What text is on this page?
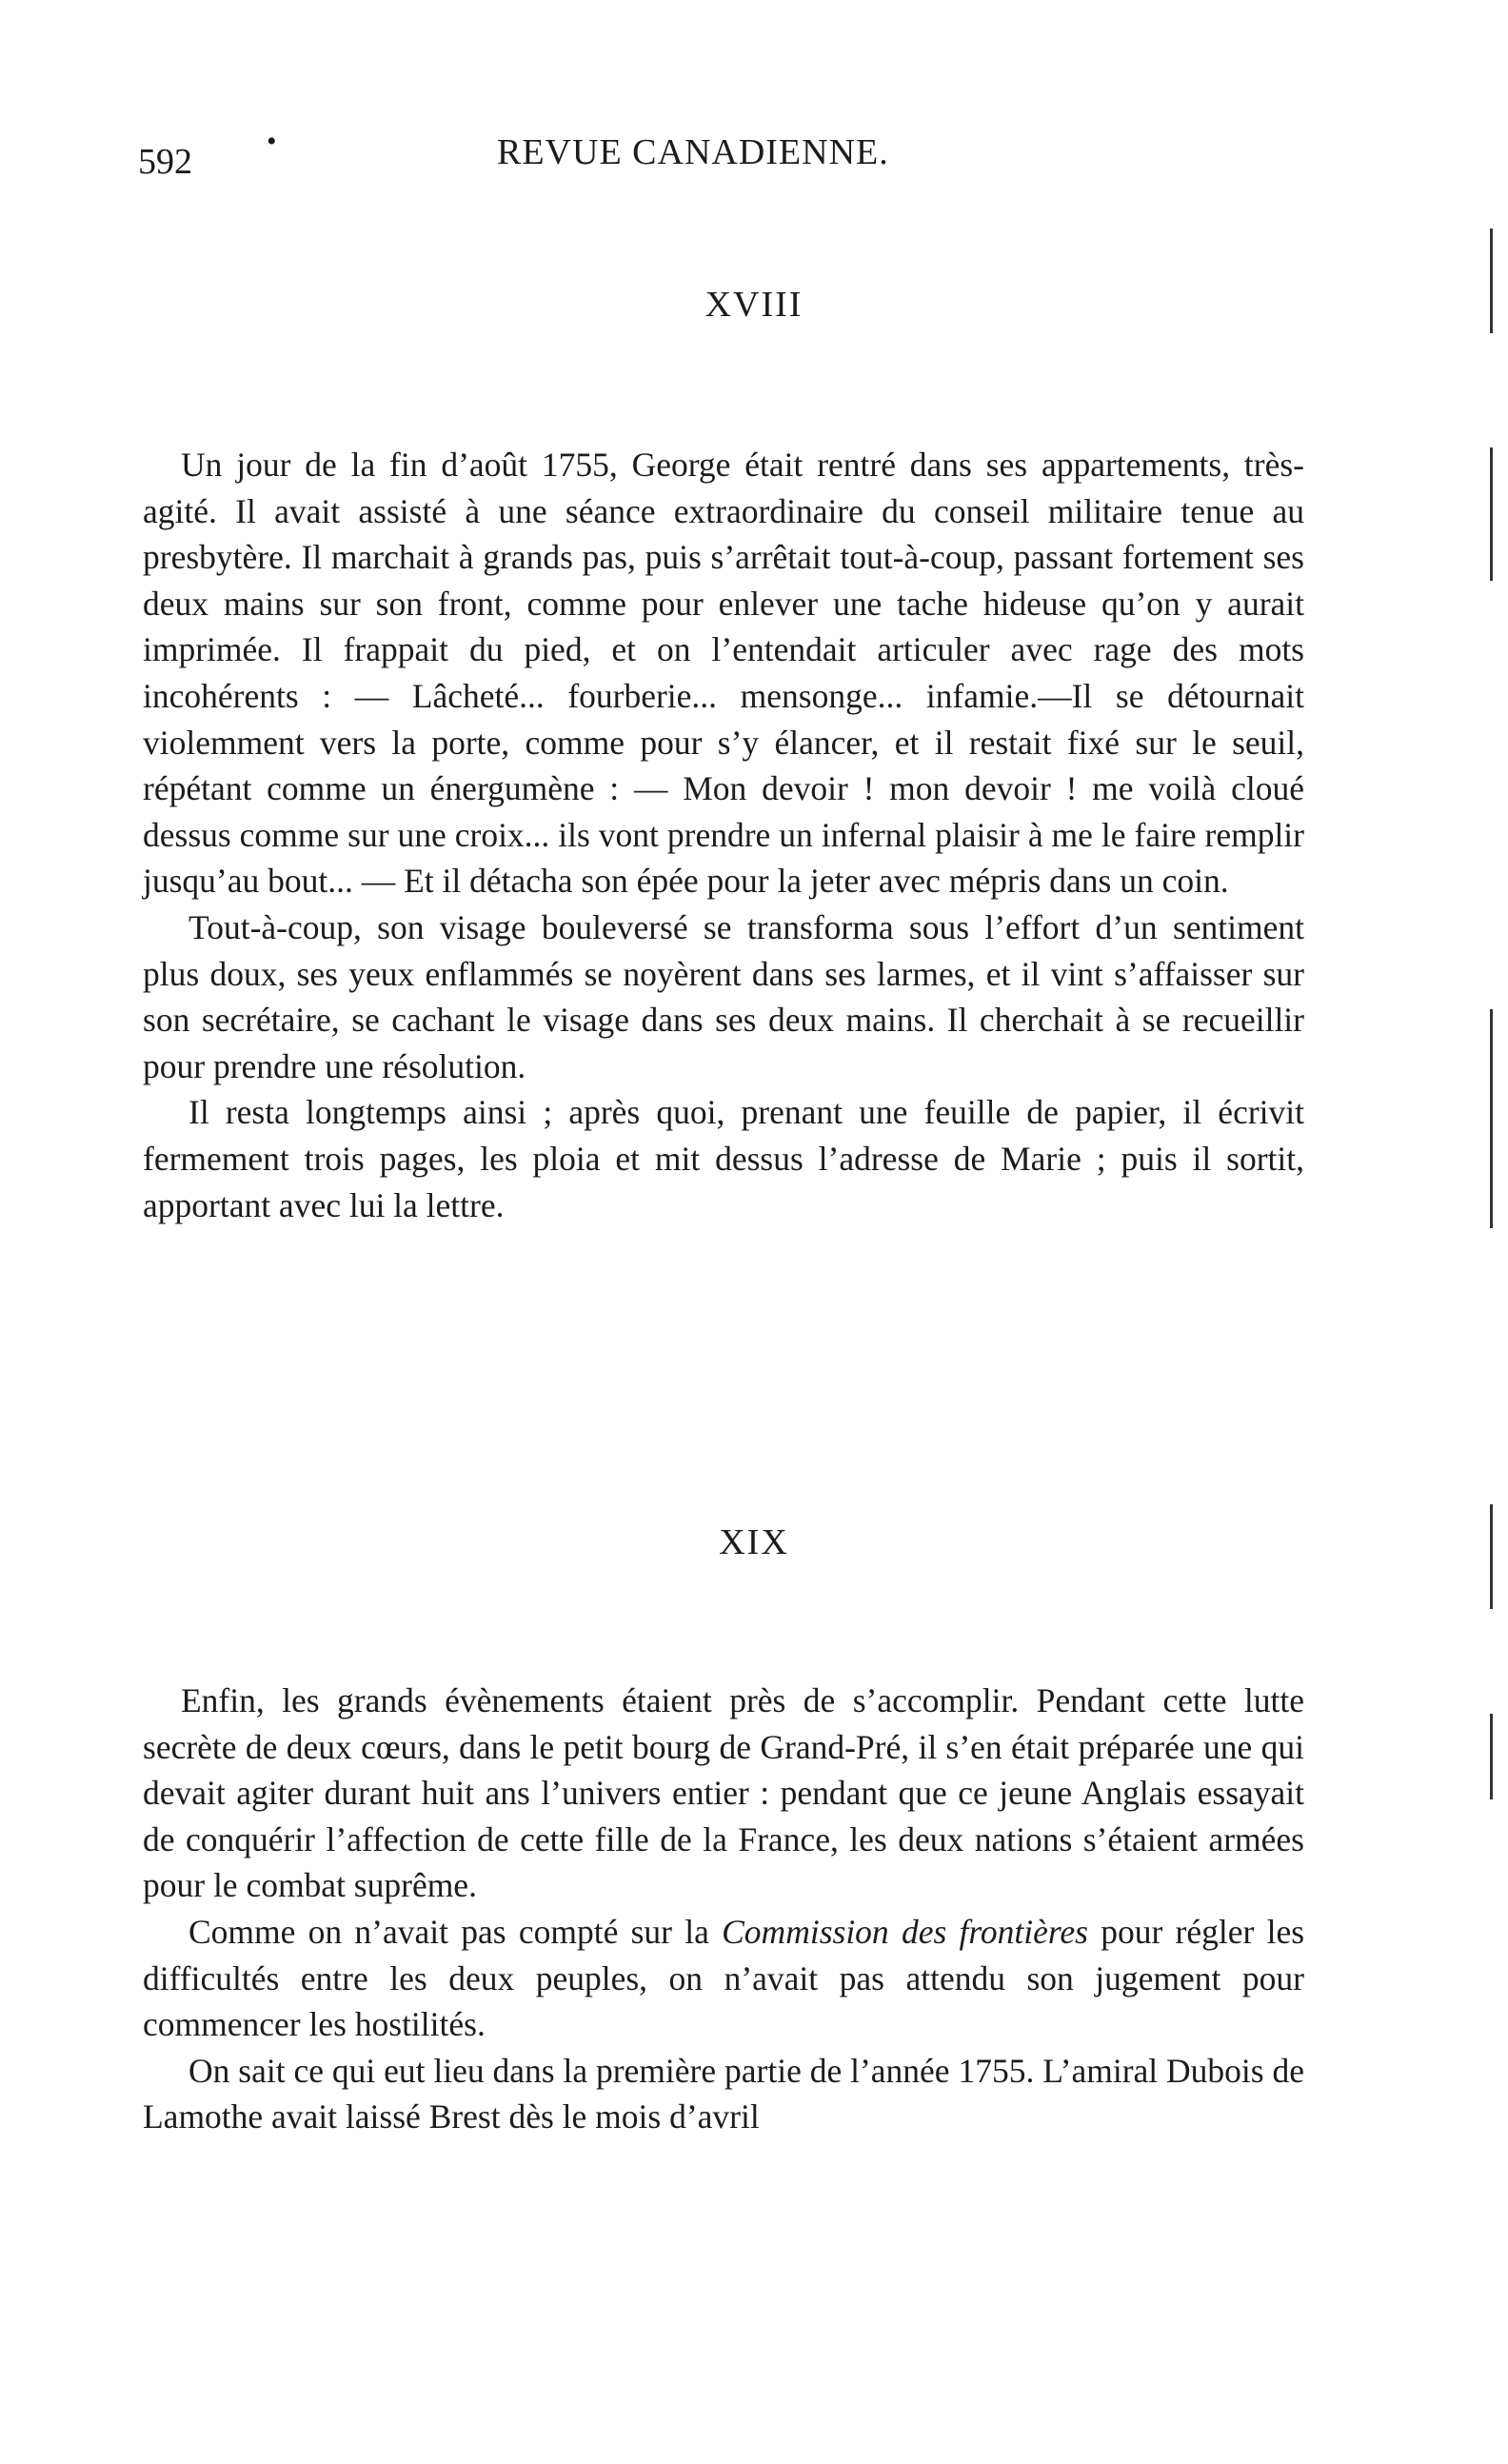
592
•	REVUE CANADIENNE.
XVIII

Un jour de la fin d’août 1755, George était rentré dans ses appartements, très-agité. Il avait assisté à une séance extraordinaire du conseil militaire tenue au presbytère. Il marchait à grands pas, puis s’arrêtait tout-à-coup, passant fortement ses deux mains sur son front, comme pour enlever une tache hideuse qu’on y aurait imprimée. Il frappait du pied, et on l’entendait articuler avec rage des mots incohérents : — Lâcheté... fourberie... mensonge... infamie.—Il se détournait violemment vers la porte, comme pour s’y élancer, et il restait fixé sur le seuil, répétant comme un énergumène : — Mon devoir ! mon devoir ! me voilà cloué dessus comme sur une croix... ils vont prendre un infernal plaisir à me le faire remplir jusqu’au bout... — Et il détacha son épée pour la jeter avec mépris dans un coin.

Tout-à-coup, son visage bouleversé se transforma sous l’effort d’un sentiment plus doux, ses yeux enflammés se noyèrent dans ses larmes, et il vint s’affaisser sur son secrétaire, se cachant le visage dans ses deux mains. Il cherchait à se recueillir pour prendre une résolution.

Il resta longtemps ainsi ; après quoi, prenant une feuille de papier, il écrivit fermement trois pages, les ploia et mit dessus l’adresse de Marie ; puis il sortit, apportant avec lui la lettre.

XIX

Enfin, les grands évènements étaient près de s’accomplir. Pendant cette lutte secrète de deux cœurs, dans le petit bourg de Grand-Pré, il s’en était préparée une qui devait agiter durant huit ans l’univers entier : pendant que ce jeune Anglais essayait de conquérir l’affection de cette fille de la France, les deux nations s’étaient armées pour le combat suprême.

Comme on n’avait pas compté sur la Commission des frontières pour régler les difficultés entre les deux peuples, on n’avait pas attendu son jugement pour commencer les hostilités.

On sait ce qui eut lieu dans la première partie de l’année 1755. L’amiral Dubois de Lamothe avait laissé Brest dès le mois d’avril
